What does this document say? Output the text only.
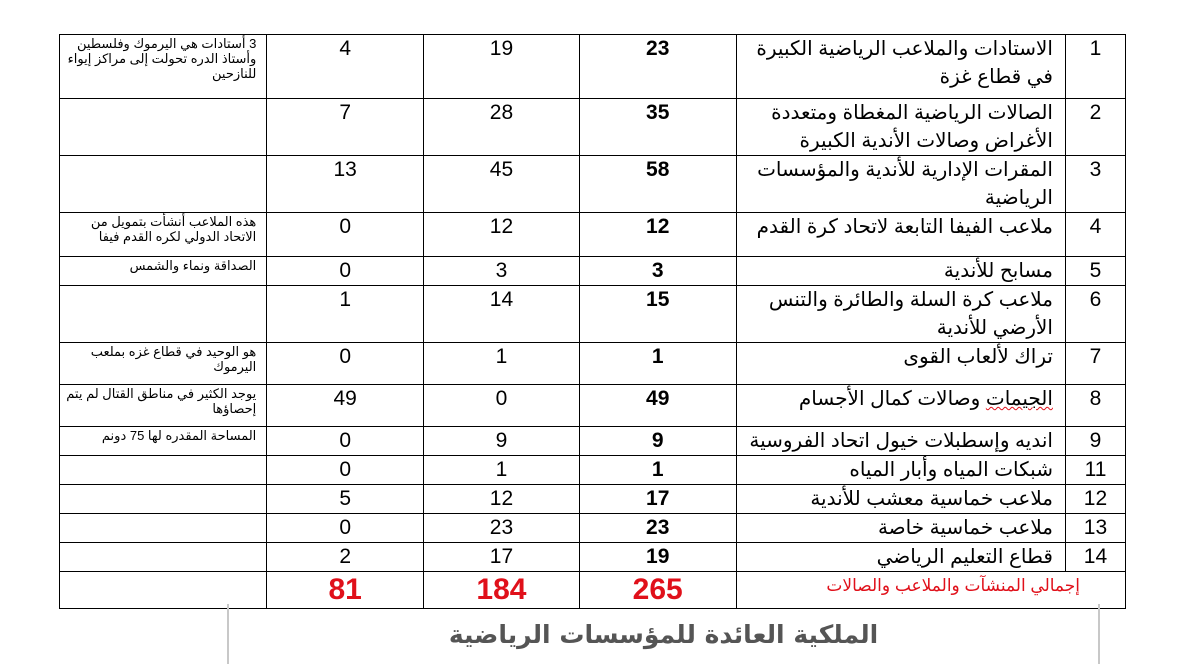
3 أستادات هي اليرموك وفلسطين وأستاذ الدره تحولت إلى مراكز إيواء للنازحين	4	19	23	الاستادات والملاعب الرياضية الكبيرة في قطاع غزة	1

	7	28	35	الصالات الرياضية المغطاة ومتعددة الأغراض وصالات الأندية الكبيرة	2

	13	45	58	المقرات الإدارية للأندية والمؤسسات الرياضية	3

هذه الملاعب أنشأت بتمويل من الاتحاد الدولي لكره القدم فيفا	0	12	12	ملاعب الفيفا التابعة لاتحاد كرة القدم	4

الصداقة ونماء والشمس	0	3	3	مسابح للأندية	5

	1	14	15	ملاعب كرة السلة والطائرة والتنس الأرضي للأندية	6

هو الوحيد في قطاع غزه بملعب اليرموك	0	1	1	تراك لألعاب القوى	7

يوجد الكثير في مناطق القتال لم يتم إحصاؤها	49	0	49	الجيمات وصالات كمال الأجسام	8

المساحة المقدره لها 75 دونم	0	9	9	انديه وإسطبلات خيول اتحاد الفروسية	9

	0	1	1	شبكات المياه وأبار المياه	11

	5	12	17	ملاعب خماسية معشب للأندية	12

	0	23	23	ملاعب خماسية خاصة	13

	2	17	19	قطاع التعليم الرياضي	14

	81	184	265	إجمالي المنشآت والملاعب والصالات	
الملكية العائدة للمؤسسات الرياضية
